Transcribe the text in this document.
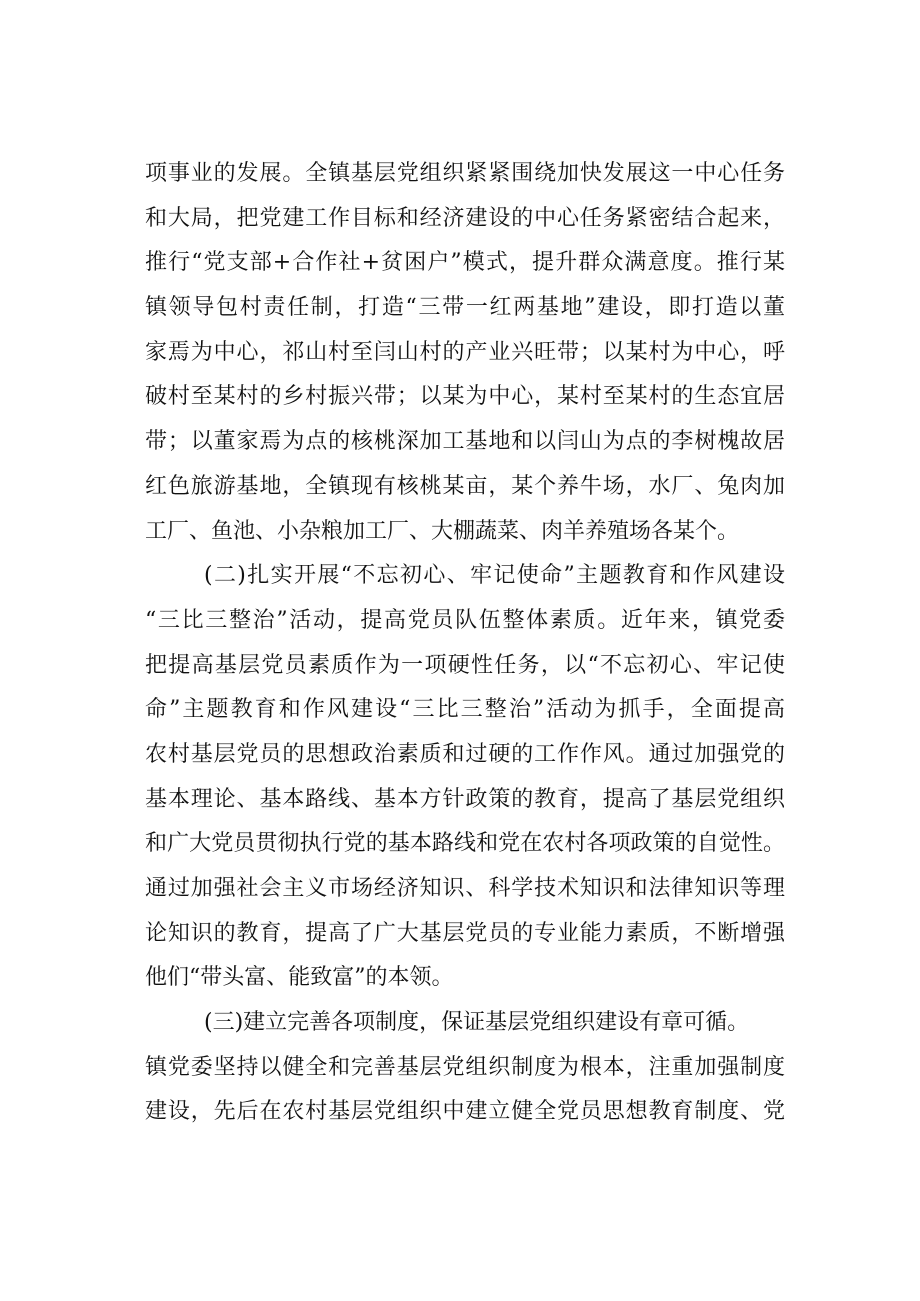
项事业的发展。全镇基层党组织紧紧围绕加快发展这一中心任务
和大局，把党建工作目标和经济建设的中心任务紧密结合起来，
推行“党支部+合作社+贫困户”模式，提升群众满意度。推行某
镇领导包村责任制，打造“三带一红两基地”建设，即打造以董
家焉为中心，祁山村至闫山村的产业兴旺带；以某村为中心，呼
破村至某村的乡村振兴带；以某为中心，某村至某村的生态宜居
带；以董家焉为点的核桃深加工基地和以闫山为点的李树槐故居
红色旅游基地，全镇现有核桃某亩，某个养牛场，水厂、兔肉加
工厂、鱼池、小杂粮加工厂、大棚蔬菜、肉羊养殖场各某个。
(二)扎实开展“不忘初心、牢记使命”主题教育和作风建设
“三比三整治”活动，提高党员队伍整体素质。近年来，镇党委
把提高基层党员素质作为一项硬性任务，以“不忘初心、牢记使
命”主题教育和作风建设“三比三整治”活动为抓手，全面提高
农村基层党员的思想政治素质和过硬的工作作风。通过加强党的
基本理论、基本路线、基本方针政策的教育，提高了基层党组织
和广大党员贯彻执行党的基本路线和党在农村各项政策的自觉性。
通过加强社会主义市场经济知识、科学技术知识和法律知识等理
论知识的教育，提高了广大基层党员的专业能力素质，不断增强
他们“带头富、能致富”的本领。
(三)建立完善各项制度，保证基层党组织建设有章可循。
镇党委坚持以健全和完善基层党组织制度为根本，注重加强制度
建设，先后在农村基层党组织中建立健全党员思想教育制度、党
